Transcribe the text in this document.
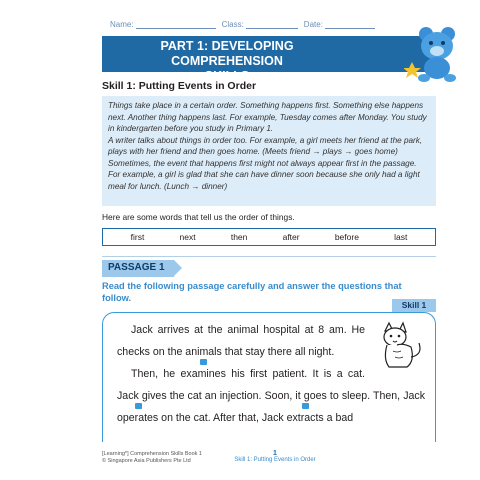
Name:	Class:	Date:
PART 1: DEVELOPING COMPREHENSION
SKILLS
Skill 1: Putting Events in Order

Things take place in a certain order. Something happens first. Something else happens next. Another thing happens last. For example, Tuesday comes after Monday. You study in kindergarten before you study in Primary 1.

A writer talks about things in order too. For example, a girl meets her friend at the park, plays with her friend and then goes home. (Meets friend → plays → goes home) Sometimes, the event that happens first might not always appear first in the passage. For example, a girl is glad that she can have dinner soon because she only had a light meal for lunch. (Lunch → dinner)

Here are some words that tell us the order of things.
first	next	then	after	before	last
PASSAGE 1
Read the following passage carefully and answer the questions that follow.
Skill 1

Jack arrives at the animal hospital at 8 am. He checks on the animals that stay there all night.

Then, he
examines his first patient. It is a cat. Jack gives the cat an injection. Soon, it goes to sleep. Then, Jack
operates on the cat. After that, Jack
extracts a bad

[Learning*] Comprehension Skills Book 1
© Singapore Asia Publishers Pte Ltd
1
Skill 1: Putting Events in Order
